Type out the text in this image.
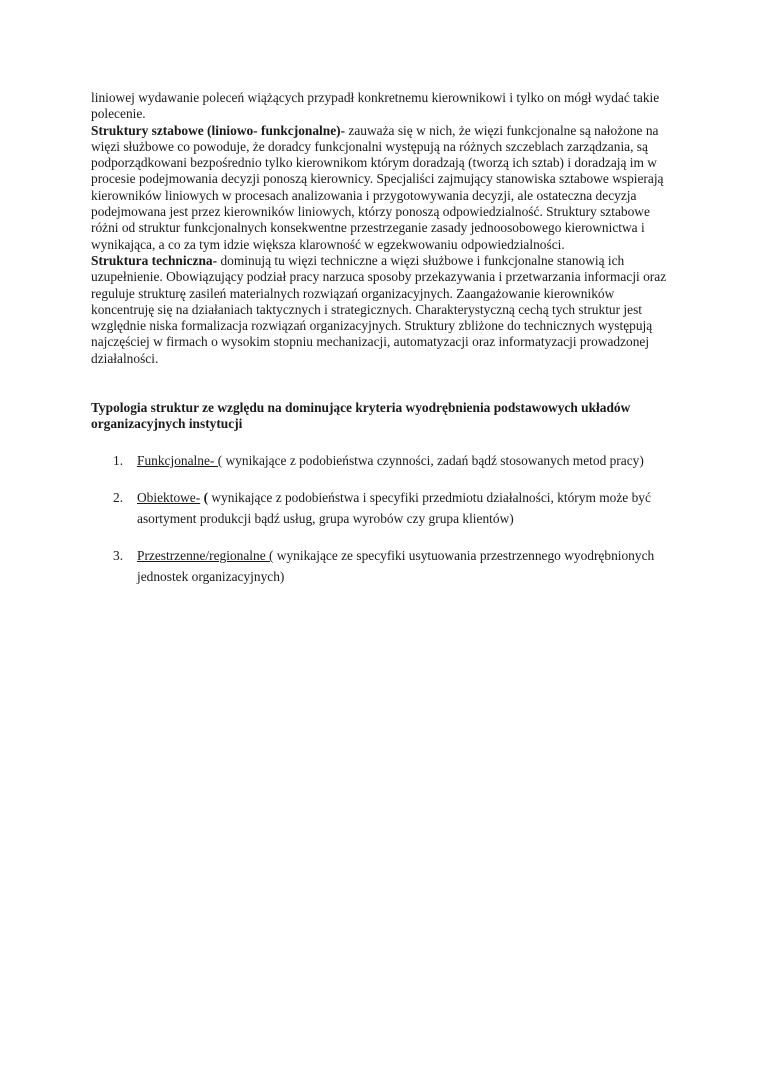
liniowej wydawanie poleceń wiążących przypadł konkretnemu kierownikowi i tylko on mógł wydać takie polecenie.
Struktury sztabowe (liniowo- funkcjonalne)- zauważa się w nich, że więzi funkcjonalne są nałożone na więzi służbowe co powoduje, że doradcy funkcjonalni występują na różnych szczeblach zarządzania, są podporządkowani bezpośrednio tylko kierownikom którym doradzają (tworzą ich sztab) i doradzają im w procesie podejmowania decyzji ponoszą kierownicy. Specjaliści zajmujący stanowiska sztabowe wspierają kierowników liniowych w procesach analizowania i przygotowywania decyzji, ale ostateczna decyzja podejmowana jest przez kierowników liniowych, którzy ponoszą odpowiedzialność. Struktury sztabowe różni od struktur funkcjonalnych konsekwentne przestrzeganie zasady jednoosobowego kierownictwa i wynikająca, a co za tym idzie większa klarowność w egzekwowaniu odpowiedzialności.
Struktura techniczna- dominują tu więzi techniczne a więzi służbowe i funkcjonalne stanowią ich uzupełnienie. Obowiązujący podział pracy narzuca sposoby przekazywania i przetwarzania informacji oraz reguluje strukturę zasileń materialnych rozwiązań organizacyjnych. Zaangażowanie kierowników koncentruję się na działaniach taktycznych i strategicznych. Charakterystyczną cechą tych struktur jest względnie niska formalizacja rozwiązań organizacyjnych. Struktury zbliżone do technicznych występują najczęściej w firmach o wysokim stopniu mechanizacji, automatyzacji oraz informatyzacji prowadzonej działalności.

Typologia struktur ze względu na dominujące kryteria wyodrębnienia podstawowych układów organizacyjnych instytucji

1. Funkcjonalne- ( wynikające z podobieństwa czynności, zadań bądź stosowanych metod pracy)
2. Obiektowe- ( wynikające z podobieństwa i specyfiki przedmiotu działalności, którym może być asortyment produkcji bądź usług, grupa wyrobów czy grupa klientów)
3. Przestrzenne/regionalne ( wynikające ze specyfiki usytuowania przestrzennego wyodrębnionych jednostek organizacyjnych)
